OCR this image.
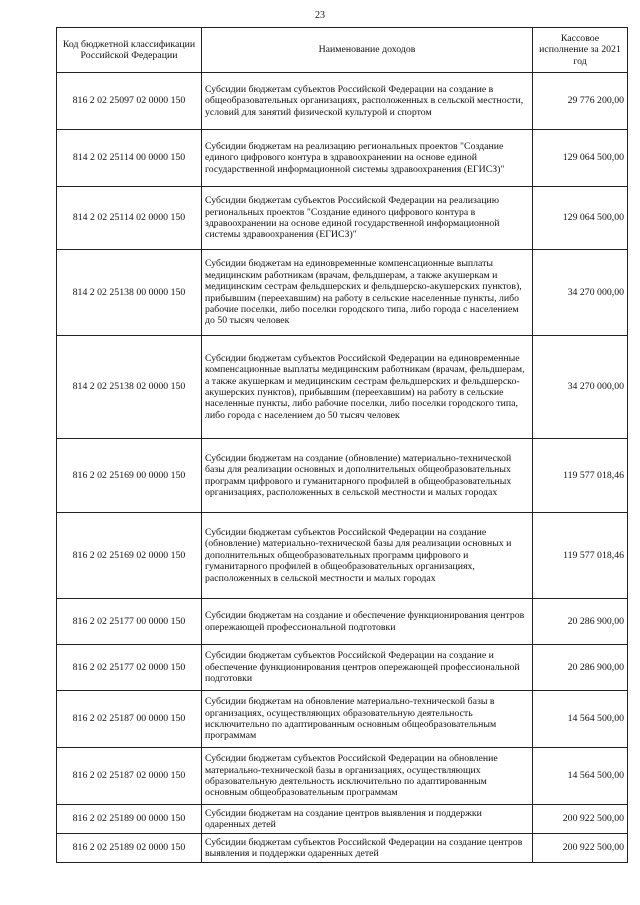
23
Код бюджетной классификации Российской Федерации	Наименование доходов	Кассовое исполнение за 2021 год
816 2 02 25097 02 0000 150	Субсидии бюджетам субъектов Российской Федерации на создание в общеобразовательных организациях, расположенных в сельской местности, условий для занятий физической культурой и спортом	29 776 200,00
814 2 02 25114 00 0000 150	Субсидии бюджетам на реализацию региональных проектов "Создание единого цифрового контура в здравоохранении на основе единой государственной информационной системы здравоохранения (ЕГИСЗ)"	129 064 500,00
814 2 02 25114 02 0000 150	Субсидии бюджетам субъектов Российской Федерации на реализацию региональных проектов "Создание единого цифрового контура в здравоохранении на основе единой государственной информационной системы здравоохранения (ЕГИСЗ)"	129 064 500,00
814 2 02 25138 00 0000 150	Субсидии бюджетам на единовременные компенсационные выплаты медицинским работникам (врачам, фельдшерам, а также акушеркам и медицинским сестрам фельдшерских и фельдшерско-акушерских пунктов), прибывшим (переехавшим) на работу в сельские населенные пункты, либо рабочие поселки, либо поселки городского типа, либо города с населением до 50 тысяч человек	34 270 000,00
814 2 02 25138 02 0000 150	Субсидии бюджетам субъектов Российской Федерации на единовременные компенсационные выплаты медицинским работникам (врачам, фельдшерам, а также акушеркам и медицинским сестрам фельдшерских и фельдшерско-акушерских пунктов), прибывшим (переехавшим) на работу в сельские населенные пункты, либо рабочие поселки, либо поселки городского типа, либо города с населением до 50 тысяч человек	34 270 000,00
816 2 02 25169 00 0000 150	Субсидии бюджетам на создание (обновление) материально-технической базы для реализации основных и дополнительных общеобразовательных программ цифрового и гуманитарного профилей в общеобразовательных организациях, расположенных в сельской местности и малых городах	119 577 018,46
816 2 02 25169 02 0000 150	Субсидии бюджетам субъектов Российской Федерации на создание (обновление) материально-технической базы для реализации основных и дополнительных общеобразовательных программ цифрового и гуманитарного профилей в общеобразовательных организациях, расположенных в сельской местности и малых городах	119 577 018,46
816 2 02 25177 00 0000 150	Субсидии бюджетам на создание и обеспечение функционирования центров опережающей профессиональной подготовки	20 286 900,00
816 2 02 25177 02 0000 150	Субсидии бюджетам субъектов Российской Федерации на создание и обеспечение функционирования центров опережающей профессиональной подготовки	20 286 900,00
816 2 02 25187 00 0000 150	Субсидии бюджетам на обновление материально-технической базы в организациях, осуществляющих образовательную деятельность исключительно по адаптированным основным общеобразовательным программам	14 564 500,00
816 2 02 25187 02 0000 150	Субсидии бюджетам субъектов Российской Федерации на обновление материально-технической базы в организациях, осуществляющих образовательную деятельность исключительно по адаптированным основным общеобразовательным программам	14 564 500,00
816 2 02 25189 00 0000 150	Субсидии бюджетам на создание центров выявления и поддержки одаренных детей	200 922 500,00
816 2 02 25189 02 0000 150	Субсидии бюджетам субъектов Российской Федерации на создание центров выявления и поддержки одаренных детей	200 922 500,00
